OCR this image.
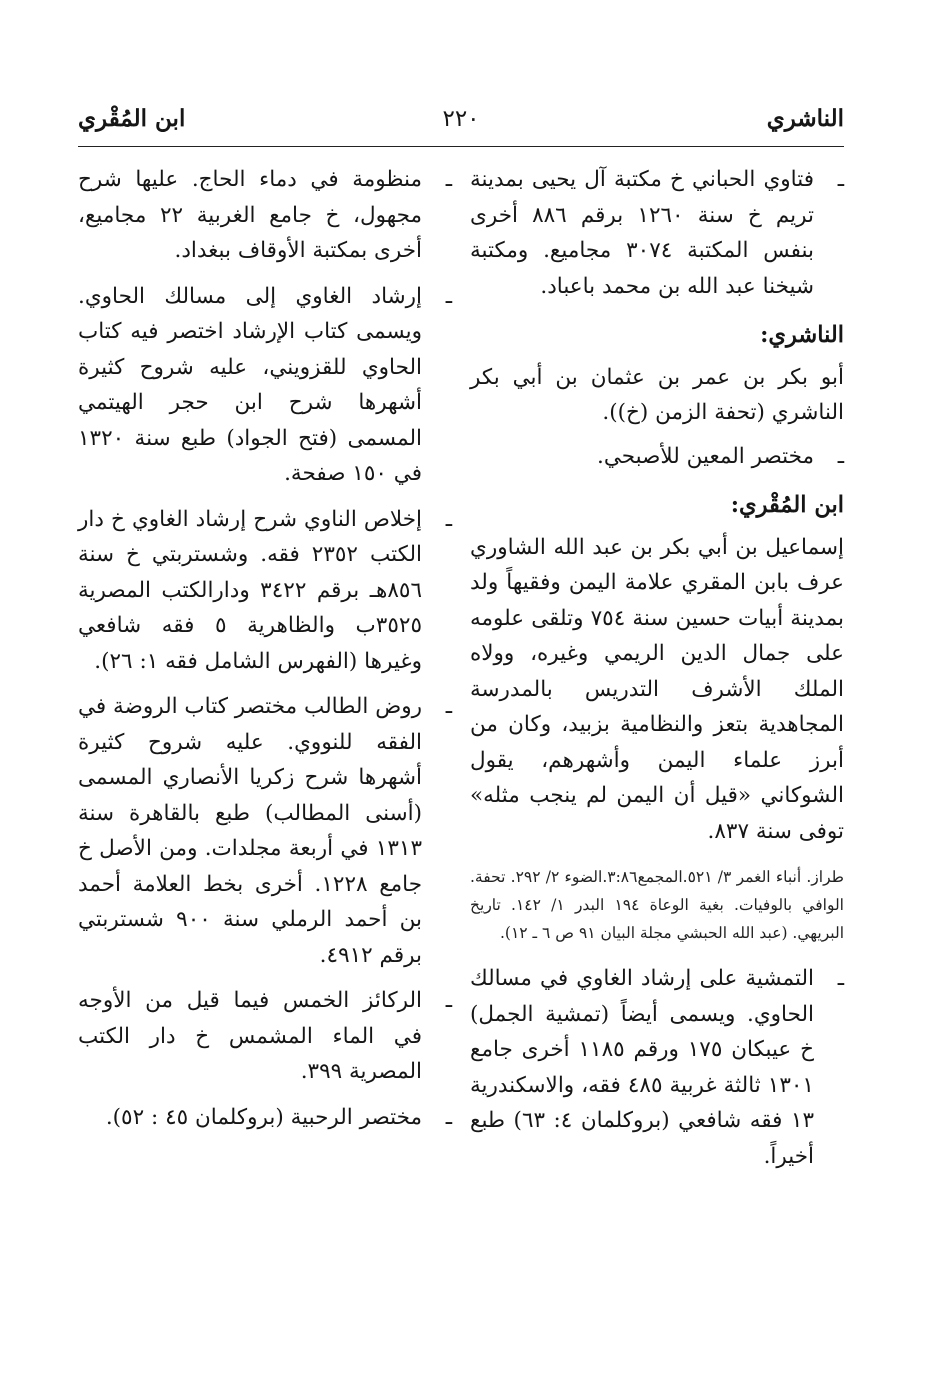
الناشري
٢٢٠
ابن المُقْري
ـ

فتاوي الحباني خ مكتبة آل يحيى بمدينة تريم خ سنة ١٢٦٠ برقم ٨٨٦ أخرى بنفس المكتبة ٣٠٧٤ مجاميع. ومكتبة شيخنا عبد الله بن محمد باعباد.

الناشري:

أبو بكر بن عمر بن عثمان بن أبي بكر الناشري (تحفة الزمن (خ)).

ـ

مختصر المعين للأصبحي.

ابن المُقْري:

إسماعيل بن أبي بكر بن عبد الله الشاوري عرف بابن المقري علامة اليمن وفقيهاً ولد بمدينة أبيات حسين سنة ٧٥٤ وتلقى علومه على جمال الدين الريمي وغيره، وولاه الملك الأشرف التدريس بالمدرسة المجاهدية بتعز والنظامية بزبيد، وكان من أبرز علماء اليمن وأشهرهم، يقول الشوكاني «قيل أن اليمن لم ينجب مثله» توفى سنة ٨٣٧.

طراز. أنباء الغمر ٣/ ٥٢١.المجمع٣:٨٦.الضوء ٢/ ٢٩٢. تحفة. الوافي بالوفيات. بغية الوعاة ١٩٤ البدر ١/ ١٤٢. تاريخ البريهي. (عبد الله الحبشي مجلة البيان ٩١ ص ٦ ـ ١٢).

ـ

التمشية على إرشاد الغاوي في مسالك الحاوي. ويسمى أيضاً (تمشية الجمل) خ عيبكان ١٧٥ ورقم ١١٨٥ أخرى جامع ١٣٠١ ثالثة غربية ٤٨٥ فقه، والاسكندرية ١٣ فقه شافعي (بروكلمان ٤: ٦٣) طبع أخيراً.

ـ

منظومة في دماء الحاج. عليها شرح مجهول، خ جامع الغربية ٢٢ مجاميع، أخرى بمكتبة الأوقاف ببغداد.

ـ

إرشاد الغاوي إلى مسالك الحاوي. ويسمى كتاب الإرشاد اختصر فيه كتاب الحاوي للقزويني، عليه شروح كثيرة أشهرها شرح ابن حجر الهيتمي المسمى (فتح الجواد) طبع سنة ١٣٢٠ في ١٥٠ صفحة.

ـ

إخلاص الناوي شرح إرشاد الغاوي خ دار الكتب ٢٣٥٢ فقه. وشستربتي خ سنة ٨٥٦هـ برقم ٣٤٢٢ ودارالكتب المصرية ٣٥٢٥ب والظاهرية ٥ فقه شافعي وغيرها (الفهرس الشامل فقه ١: ٢٦).

ـ

روض الطالب مختصر كتاب الروضة في الفقه للنووي. عليه شروح كثيرة أشهرها شرح زكريا الأنصاري المسمى (أسنى المطالب) طبع بالقاهرة سنة ١٣١٣ في أربعة مجلدات. ومن الأصل خ جامع ١٢٢٨. أخرى بخط العلامة أحمد بن أحمد الرملي سنة ٩٠٠ شستربتي برقم ٤٩١٢.

ـ

الركائز الخمس فيما قيل من الأوجه في الماء المشمس خ دار الكتب المصرية ٣٩٩.

ـ

مختصر الرحبية (بروكلمان ٤٥ : ٥٢).
